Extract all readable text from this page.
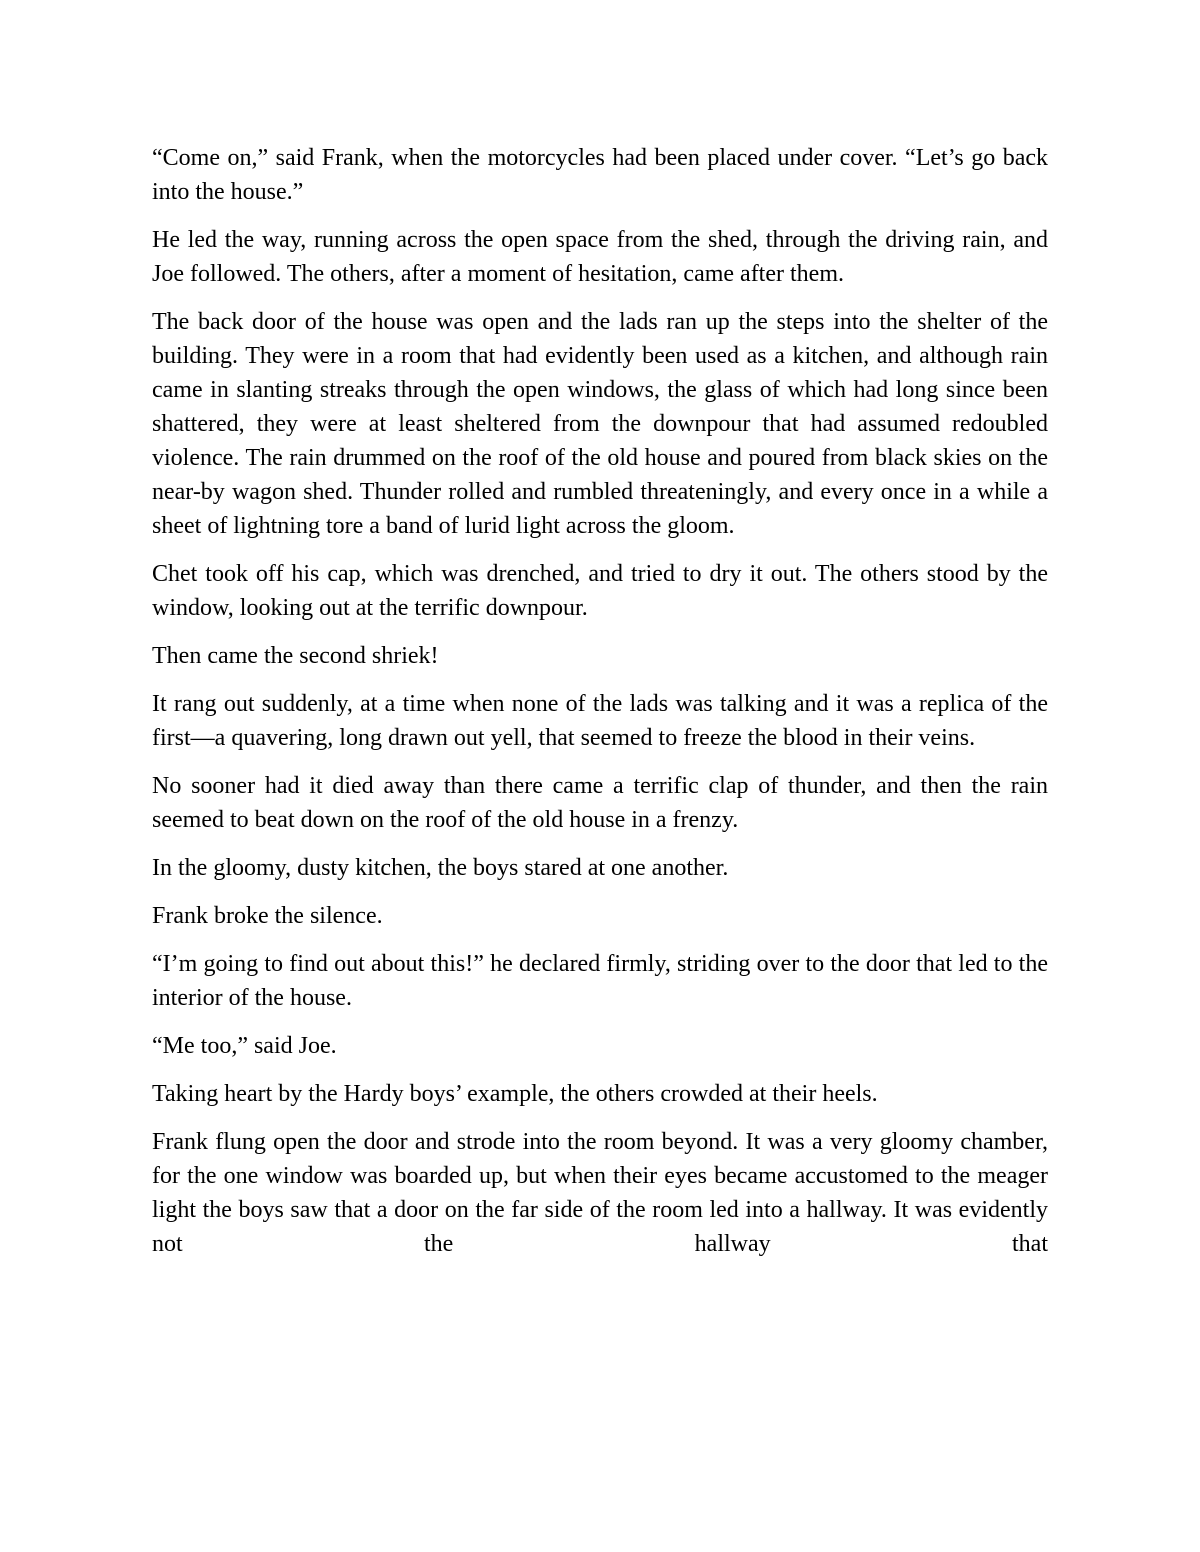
“Come on,” said Frank, when the motorcycles had been placed under cover. “Let’s go back into the house.”

He led the way, running across the open space from the shed, through the driving rain, and Joe followed. The others, after a moment of hesitation, came after them.

The back door of the house was open and the lads ran up the steps into the shelter of the building. They were in a room that had evidently been used as a kitchen, and although rain came in slanting streaks through the open windows, the glass of which had long since been shattered, they were at least sheltered from the downpour that had assumed redoubled violence. The rain drummed on the roof of the old house and poured from black skies on the near-by wagon shed. Thunder rolled and rumbled threateningly, and every once in a while a sheet of lightning tore a band of lurid light across the gloom.

Chet took off his cap, which was drenched, and tried to dry it out. The others stood by the window, looking out at the terrific downpour.

Then came the second shriek!

It rang out suddenly, at a time when none of the lads was talking and it was a replica of the first—a quavering, long drawn out yell, that seemed to freeze the blood in their veins.

No sooner had it died away than there came a terrific clap of thunder, and then the rain seemed to beat down on the roof of the old house in a frenzy.

In the gloomy, dusty kitchen, the boys stared at one another.

Frank broke the silence.

“I’m going to find out about this!” he declared firmly, striding over to the door that led to the interior of the house.

“Me too,” said Joe.

Taking heart by the Hardy boys’ example, the others crowded at their heels.

Frank flung open the door and strode into the room beyond. It was a very gloomy chamber, for the one window was boarded up, but when their eyes became accustomed to the meager light the boys saw that a door on the far side of the room led into a hallway. It was evidently not the hallway that
